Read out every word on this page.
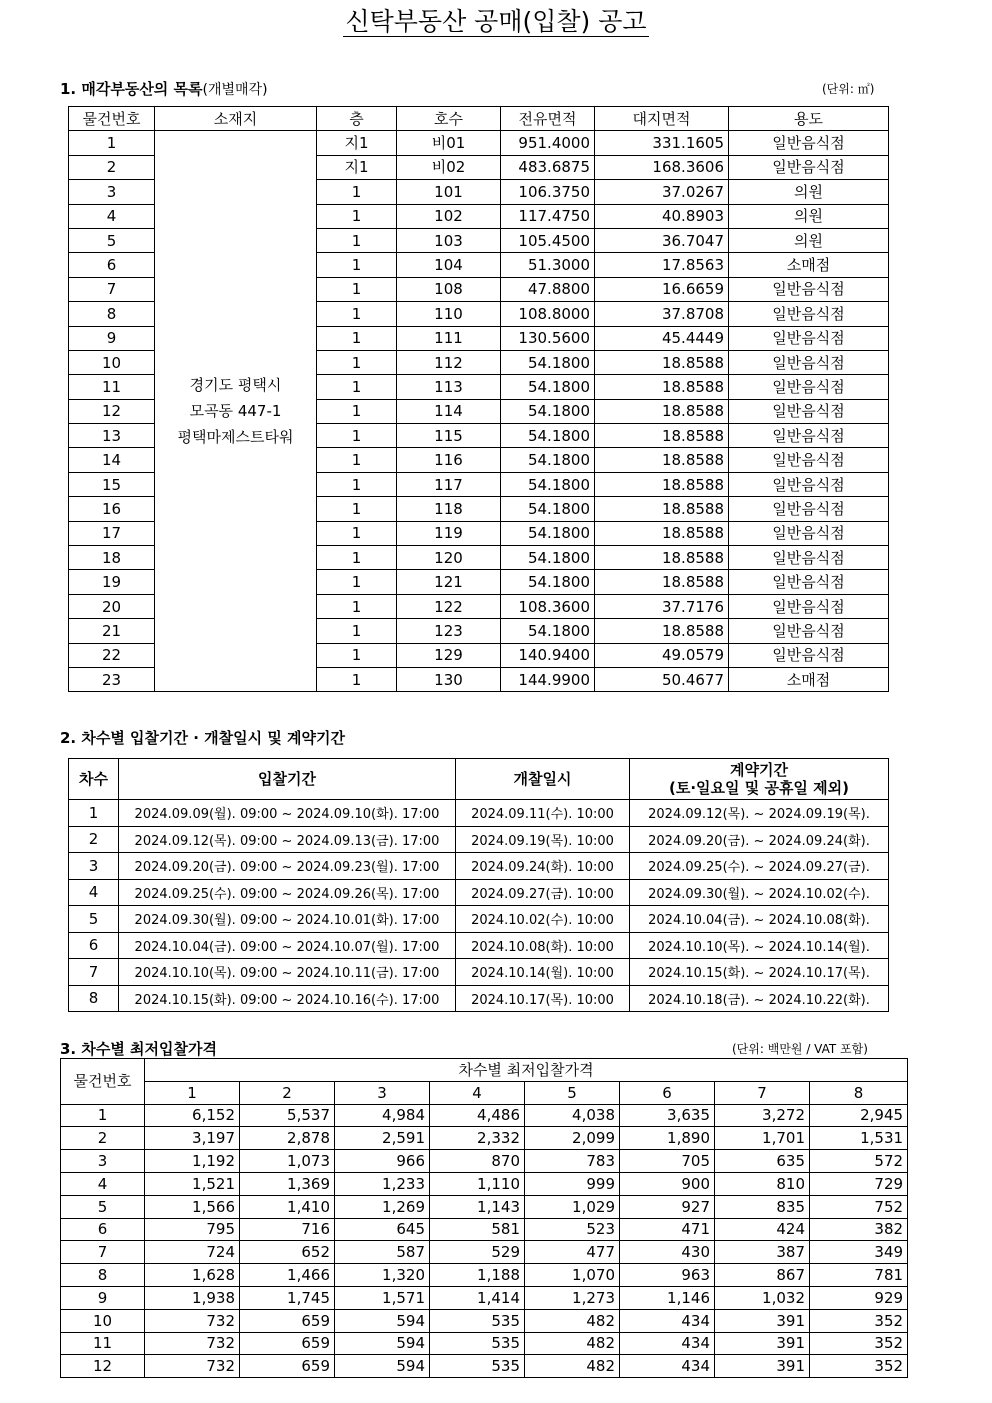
신탁부동산 공매(입찰) 공고
1. 매각부동산의 목록(개별매각)	(단위: ㎡)
물건번호	소재지	층	호수	전유면적	대지면적	용도
1	경기도 평택시
모곡동 447-1
평택마제스트타워	지1	비01	951.4000	331.1605	일반음식점
2		지1	비02	483.6875	168.3606	일반음식점
3		1	101	106.3750	37.0267	의원
4		1	102	117.4750	40.8903	의원
5		1	103	105.4500	36.7047	의원
6		1	104	51.3000	17.8563	소매점
7		1	108	47.8800	16.6659	일반음식점
8		1	110	108.8000	37.8708	일반음식점
9		1	111	130.5600	45.4449	일반음식점
10		1	112	54.1800	18.8588	일반음식점
11		1	113	54.1800	18.8588	일반음식점
12		1	114	54.1800	18.8588	일반음식점
13		1	115	54.1800	18.8588	일반음식점
14		1	116	54.1800	18.8588	일반음식점
15		1	117	54.1800	18.8588	일반음식점
16		1	118	54.1800	18.8588	일반음식점
17		1	119	54.1800	18.8588	일반음식점
18		1	120	54.1800	18.8588	일반음식점
19		1	121	54.1800	18.8588	일반음식점
20		1	122	108.3600	37.7176	일반음식점
21		1	123	54.1800	18.8588	일반음식점
22		1	129	140.9400	49.0579	일반음식점
23		1	130	144.9900	50.4677	소매점
2. 차수별 입찰기간 · 개찰일시 및 계약기간
차수	입찰기간	개찰일시	계약기간
(토·일요일 및 공휴일 제외)

1	2024.09.09(월). 09:00 ~ 2024.09.10(화). 17:00	2024.09.11(수). 10:00	2024.09.12(목). ~ 2024.09.19(목).
2	2024.09.12(목). 09:00 ~ 2024.09.13(금). 17:00	2024.09.19(목). 10:00	2024.09.20(금). ~ 2024.09.24(화).
3	2024.09.20(금). 09:00 ~ 2024.09.23(월). 17:00	2024.09.24(화). 10:00	2024.09.25(수). ~ 2024.09.27(금).
4	2024.09.25(수). 09:00 ~ 2024.09.26(목). 17:00	2024.09.27(금). 10:00	2024.09.30(월). ~ 2024.10.02(수).
5	2024.09.30(월). 09:00 ~ 2024.10.01(화). 17:00	2024.10.02(수). 10:00	2024.10.04(금). ~ 2024.10.08(화).
6	2024.10.04(금). 09:00 ~ 2024.10.07(월). 17:00	2024.10.08(화). 10:00	2024.10.10(목). ~ 2024.10.14(월).
7	2024.10.10(목). 09:00 ~ 2024.10.11(금). 17:00	2024.10.14(월). 10:00	2024.10.15(화). ~ 2024.10.17(목).
8	2024.10.15(화). 09:00 ~ 2024.10.16(수). 17:00	2024.10.17(목). 10:00	2024.10.18(금). ~ 2024.10.22(화).
3. 차수별 최저입찰가격	(단위: 백만원 / VAT 포함)
물건번호	차수별 최저입찰가격							
	1	2	3	4	5	6	7	8
1	6,152	5,537	4,984	4,486	4,038	3,635	3,272	2,945
2	3,197	2,878	2,591	2,332	2,099	1,890	1,701	1,531
3	1,192	1,073	966	870	783	705	635	572
4	1,521	1,369	1,233	1,110	999	900	810	729
5	1,566	1,410	1,269	1,143	1,029	927	835	752
6	795	716	645	581	523	471	424	382
7	724	652	587	529	477	430	387	349
8	1,628	1,466	1,320	1,188	1,070	963	867	781
9	1,938	1,745	1,571	1,414	1,273	1,146	1,032	929
10	732	659	594	535	482	434	391	352
11	732	659	594	535	482	434	391	352
12	732	659	594	535	482	434	391	352
